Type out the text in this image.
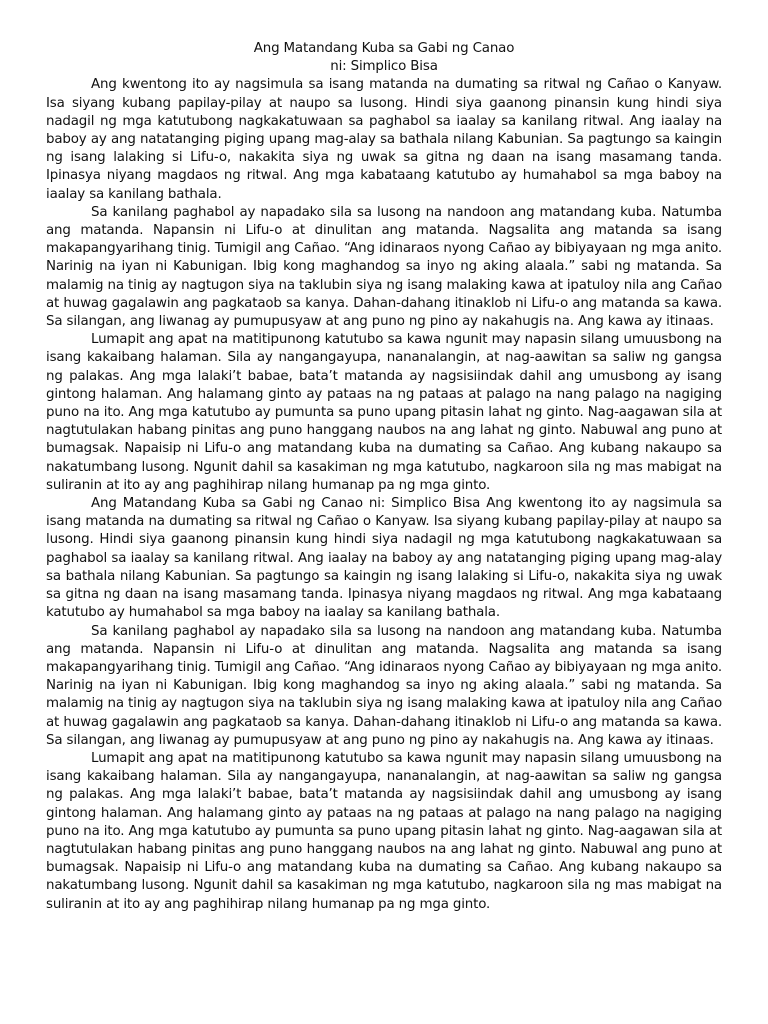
Ang Matandang Kuba sa Gabi ng Canao
ni: Simplico Bisa

Ang kwentong ito ay nagsimula sa isang matanda na dumating sa ritwal ng Cañao o Kanyaw. Isa siyang kubang papilay-pilay at naupo sa lusong. Hindi siya gaanong pinansin kung hindi siya nadagil ng mga katutubong nagkakatuwaan sa paghabol sa iaalay sa kanilang ritwal. Ang iaalay na baboy ay ang natatanging piging upang mag-alay sa bathala nilang Kabunian. Sa pagtungo sa kaingin ng isang lalaking si Lifu-o, nakakita siya ng uwak sa gitna ng daan na isang masamang tanda. Ipinasya niyang magdaos ng ritwal. Ang mga kabataang katutubo ay humahabol sa mga baboy na iaalay sa kanilang bathala.

Sa kanilang paghabol ay napadako sila sa lusong na nandoon ang matandang kuba. Natumba ang matanda. Napansin ni Lifu-o at dinulitan ang matanda. Nagsalita ang matanda sa isang makapangyarihang tinig. Tumigil ang Cañao. “Ang idinaraos nyong Cañao ay bibiyayaan ng mga anito. Narinig na iyan ni Kabunigan. Ibig kong maghandog sa inyo ng aking alaala.” sabi ng matanda. Sa malamig na tinig ay nagtugon siya na taklubin siya ng isang malaking kawa at ipatuloy nila ang Cañao at huwag gagalawin ang pagkataob sa kanya. Dahan-dahang itinaklob ni Lifu-o ang matanda sa kawa. Sa silangan, ang liwanag ay pumupusyaw at ang puno ng pino ay nakahugis na. Ang kawa ay itinaas.

Lumapit ang apat na matitipunong katutubo sa kawa ngunit may napasin silang umuusbong na isang kakaibang halaman. Sila ay nangangayupa, nananalangin, at nag-aawitan sa saliw ng gangsa ng palakas. Ang mga lalaki’t babae, bata’t matanda ay nagsisiindak dahil ang umusbong ay isang gintong halaman. Ang halamang ginto ay pataas na ng pataas at palago na nang palago na nagiging puno na ito. Ang mga katutubo ay pumunta sa puno upang pitasin lahat ng ginto. Nag-aagawan sila at nagtutulakan habang pinitas ang puno hanggang naubos na ang lahat ng ginto. Nabuwal ang puno at bumagsak. Napaisip ni Lifu-o ang matandang kuba na dumating sa Cañao. Ang kubang nakaupo sa nakatumbang lusong. Ngunit dahil sa kasakiman ng mga katutubo, nagkaroon sila ng mas mabigat na suliranin at ito ay ang paghihirap nilang humanap pa ng mga ginto.

Ang Matandang Kuba sa Gabi ng Canao ni: Simplico Bisa Ang kwentong ito ay nagsimula sa isang matanda na dumating sa ritwal ng Cañao o Kanyaw. Isa siyang kubang papilay-pilay at naupo sa lusong. Hindi siya gaanong pinansin kung hindi siya nadagil ng mga katutubong nagkakatuwaan sa paghabol sa iaalay sa kanilang ritwal. Ang iaalay na baboy ay ang natatanging piging upang mag-alay sa bathala nilang Kabunian. Sa pagtungo sa kaingin ng isang lalaking si Lifu-o, nakakita siya ng uwak sa gitna ng daan na isang masamang tanda. Ipinasya niyang magdaos ng ritwal. Ang mga kabataang katutubo ay humahabol sa mga baboy na iaalay sa kanilang bathala.

Sa kanilang paghabol ay napadako sila sa lusong na nandoon ang matandang kuba. Natumba ang matanda. Napansin ni Lifu-o at dinulitan ang matanda. Nagsalita ang matanda sa isang makapangyarihang tinig. Tumigil ang Cañao. “Ang idinaraos nyong Cañao ay bibiyayaan ng mga anito. Narinig na iyan ni Kabunigan. Ibig kong maghandog sa inyo ng aking alaala.” sabi ng matanda. Sa malamig na tinig ay nagtugon siya na taklubin siya ng isang malaking kawa at ipatuloy nila ang Cañao at huwag gagalawin ang pagkataob sa kanya. Dahan-dahang itinaklob ni Lifu-o ang matanda sa kawa. Sa silangan, ang liwanag ay pumupusyaw at ang puno ng pino ay nakahugis na. Ang kawa ay itinaas.

Lumapit ang apat na matitipunong katutubo sa kawa ngunit may napasin silang umuusbong na isang kakaibang halaman. Sila ay nangangayupa, nananalangin, at nag-aawitan sa saliw ng gangsa ng palakas. Ang mga lalaki’t babae, bata’t matanda ay nagsisiindak dahil ang umusbong ay isang gintong halaman. Ang halamang ginto ay pataas na ng pataas at palago na nang palago na nagiging puno na ito. Ang mga katutubo ay pumunta sa puno upang pitasin lahat ng ginto. Nag-aagawan sila at nagtutulakan habang pinitas ang puno hanggang naubos na ang lahat ng ginto. Nabuwal ang puno at bumagsak. Napaisip ni Lifu-o ang matandang kuba na dumating sa Cañao. Ang kubang nakaupo sa nakatumbang lusong. Ngunit dahil sa kasakiman ng mga katutubo, nagkaroon sila ng mas mabigat na suliranin at ito ay ang paghihirap nilang humanap pa ng mga ginto.
